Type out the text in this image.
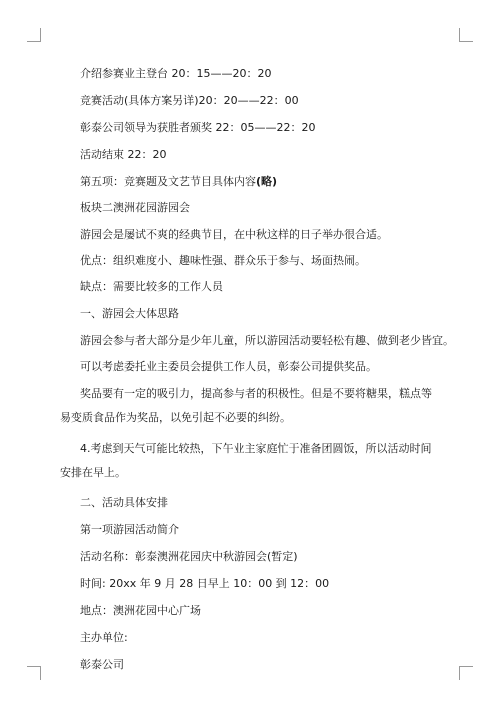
介绍参赛业主登台 20：15——20：20

竞赛活动(具体方案另详)20：20——22：00

彰泰公司领导为获胜者颁奖 22：05——22：20

活动结束 22：20

第五项：竞赛题及文艺节目具体内容(略)

板块二澳洲花园游园会

游园会是屡试不爽的经典节目，在中秋这样的日子举办很合适。

优点：组织难度小、趣味性强、群众乐于参与、场面热闹。

缺点：需要比较多的工作人员

一、游园会大体思路

游园会参与者大部分是少年儿童，所以游园活动要轻松有趣、做到老少皆宜。

可以考虑委托业主委员会提供工作人员，彰泰公司提供奖品。

奖品要有一定的吸引力，提高参与者的积极性。但是不要将糖果，糕点等易变质食品作为奖品，以免引起不必要的纠纷。

4.考虑到天气可能比较热，下午业主家庭忙于准备团圆饭，所以活动时间安排在早上。

二、活动具体安排

第一项游园活动简介

活动名称：彰泰澳洲花园庆中秋游园会(暂定)

时间: 20xx 年 9 月 28 日早上 10：00 到 12：00

地点：澳洲花园中心广场

主办单位:

彰泰公司
